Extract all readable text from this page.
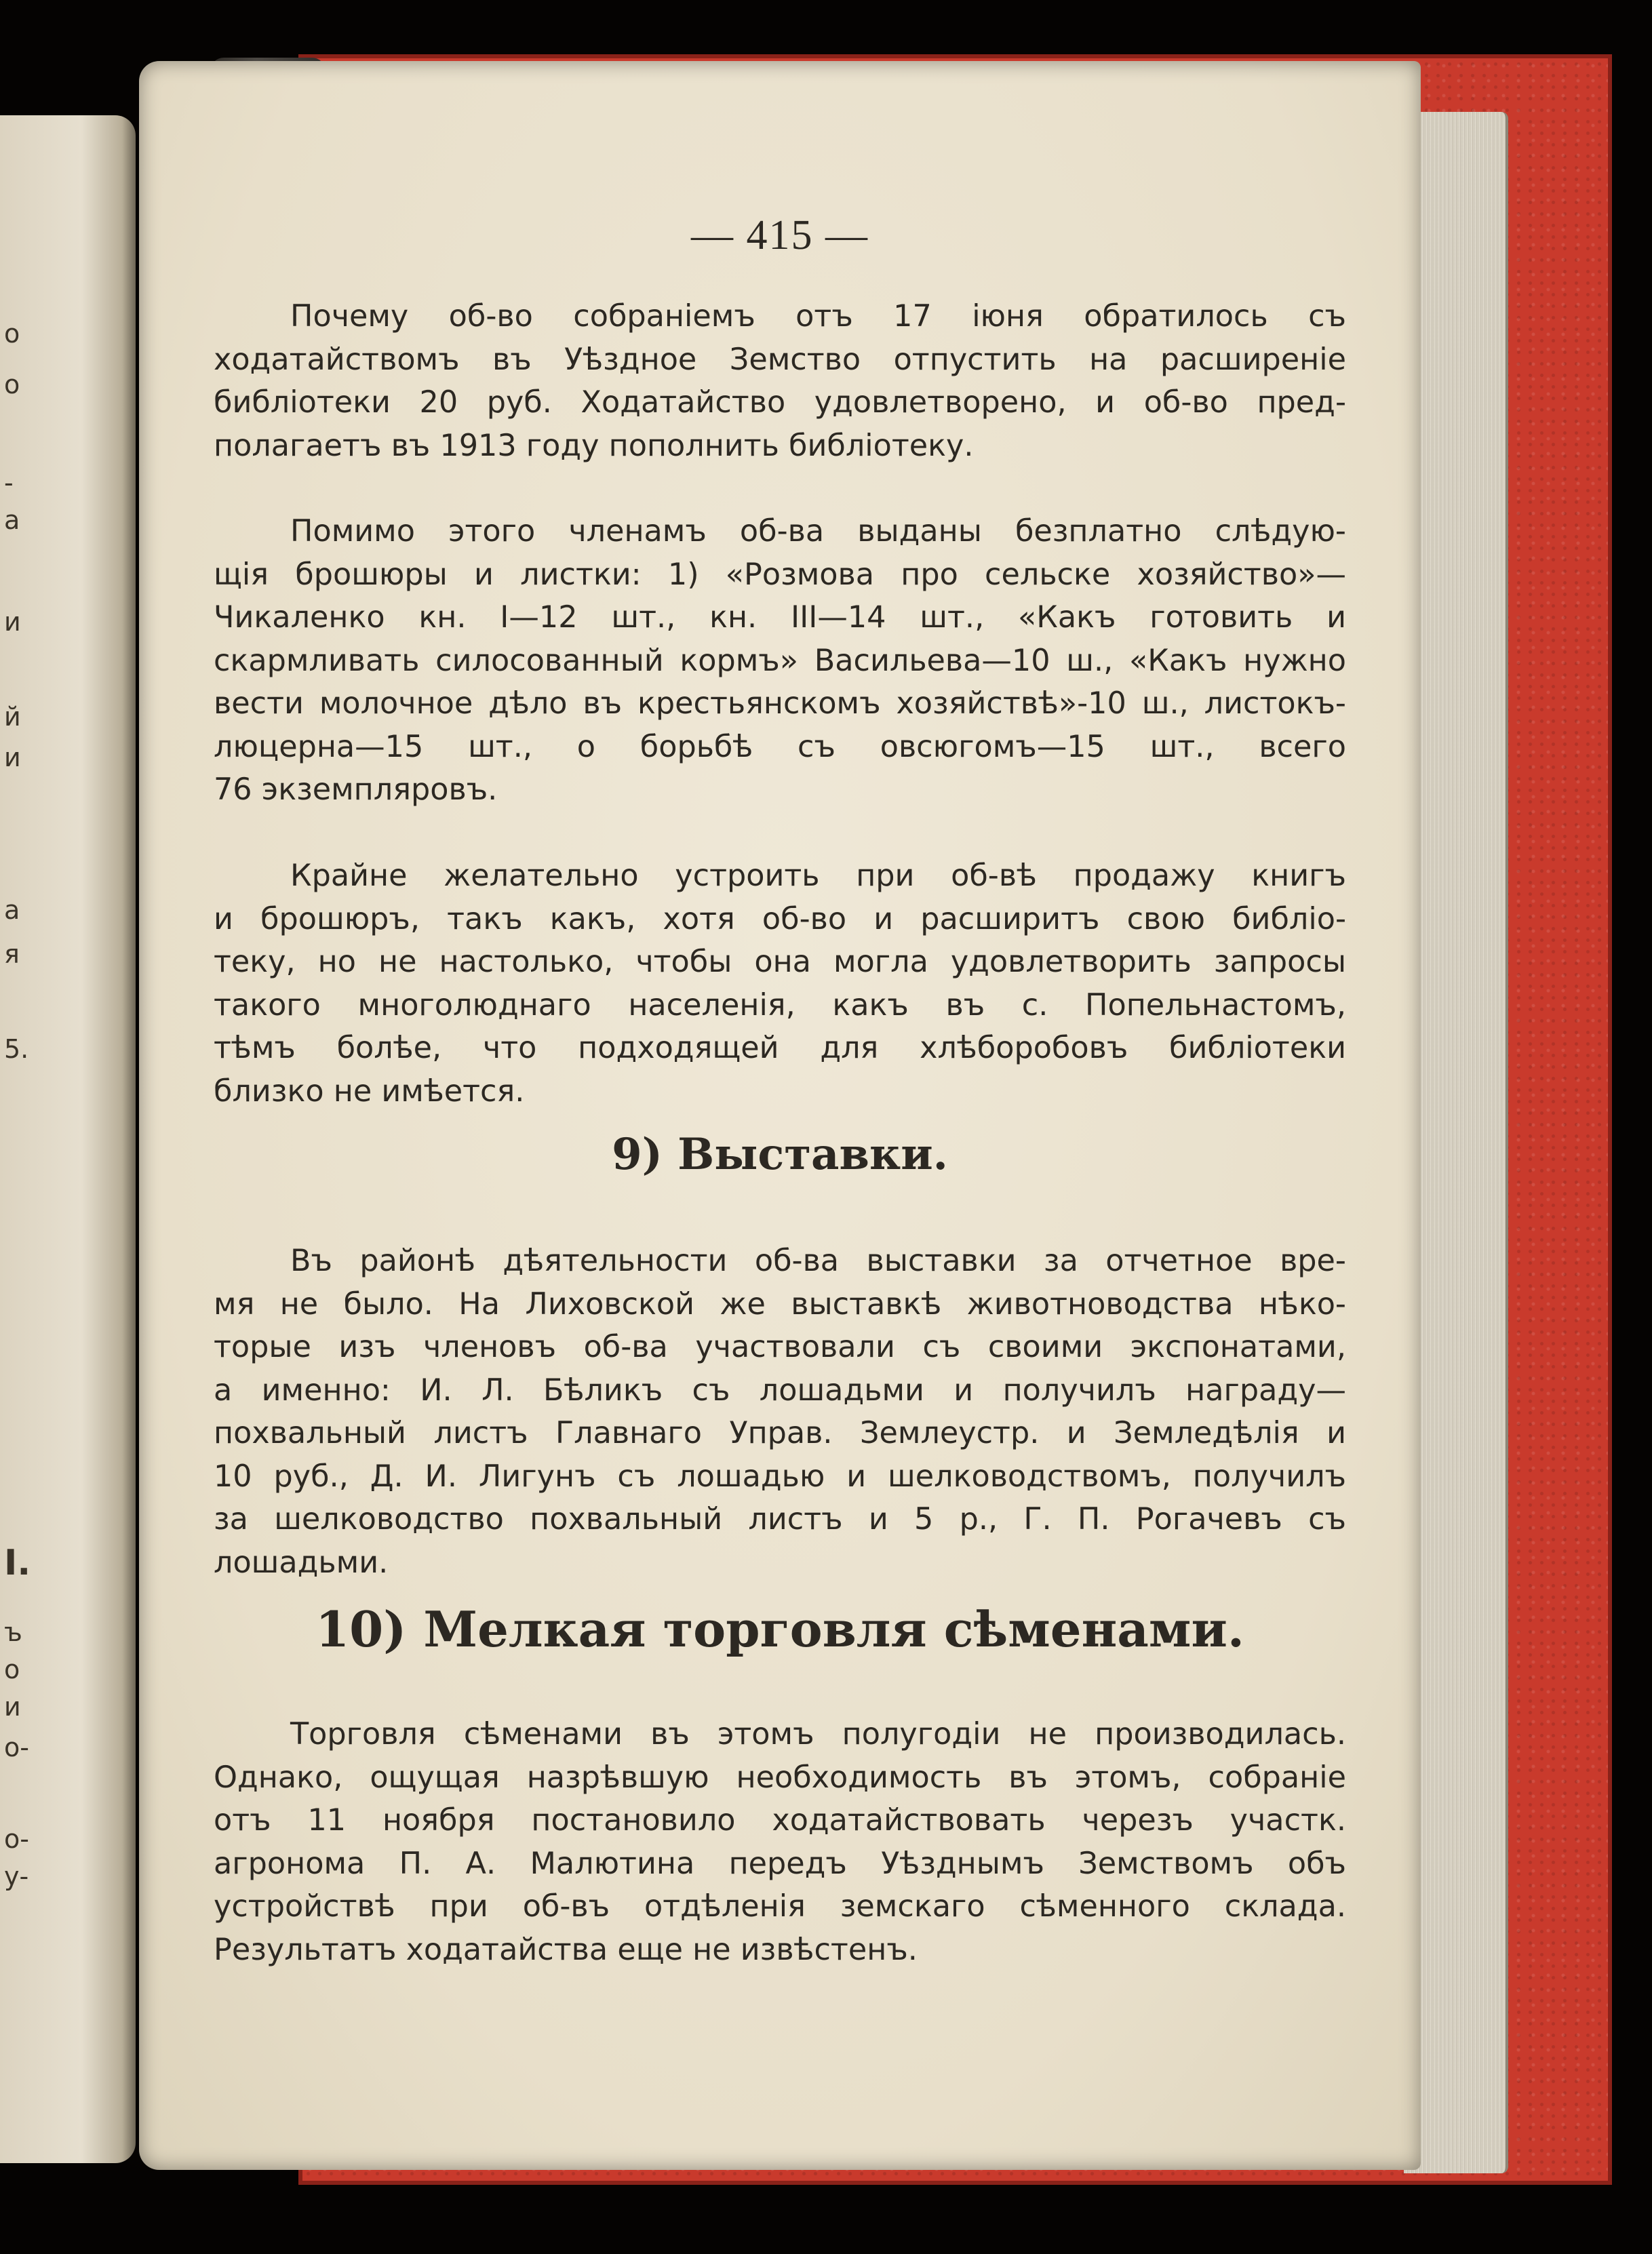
о
о
-
а
и
й
и
а
я
5.
I.
ъ
о
и
о-
о-
у-
— 415 —
Почему об-во собраніемъ отъ 17 іюня обратилось съ
ходатайствомъ въ Уѣздное Земство отпустить на расширеніе
библіотеки 20 руб. Ходатайство удовлетворено, и об-во пред-
полагаетъ въ 1913 году пополнить библіотеку.
Помимо этого членамъ об-ва выданы безплатно слѣдую-
щія брошюры и листки: 1) «Розмова про сельске хозяйство»—
Чикаленко кн. I—12 шт., кн. III—14 шт., «Какъ готовить и
скармливать силосованный кормъ» Васильева—10 ш., «Какъ нужно
вести молочное дѣло въ крестьянскомъ хозяйствѣ»-10 ш., листокъ-
люцерна—15 шт., о борьбѣ съ овсюгомъ—15 шт., всего
76 экземпляровъ.
Крайне желательно устроить при об-вѣ продажу книгъ
и брошюръ, такъ какъ, хотя об-во и расширитъ свою библіо-
теку, но не настолько, чтобы она могла удовлетворить запросы
такого многолюднаго населенія, какъ въ с. Попельнастомъ,
тѣмъ болѣе, что подходящей для хлѣборобовъ библіотеки
близко не имѣется.
9) Выставки.
Въ районѣ дѣятельности об-ва выставки за отчетное вре-
мя не было. На Лиховской же выставкѣ животноводства нѣко-
торые изъ членовъ об-ва участвовали съ своими экспонатами,
а именно: И. Л. Бѣликъ съ лошадьми и получилъ награду—
похвальный листъ Главнаго Управ. Землеустр. и Земледѣлія и
10 руб., Д. И. Лигунъ съ лошадью и шелководствомъ, получилъ
за шелководство похвальный листъ и 5 р., Г. П. Рогачевъ съ
лошадьми.
10) Мелкая торговля сѣменами.
Торговля сѣменами въ этомъ полугодіи не производилась.
Однако, ощущая назрѣвшую необходимость въ этомъ, собраніе
отъ 11 ноября постановило ходатайствовать черезъ участк.
агронома П. А. Малютина передъ Уѣзднымъ Земствомъ объ
устройствѣ при об-въ отдѣленія земскаго сѣменного склада.
Результатъ ходатайства еще не извѣстенъ.
